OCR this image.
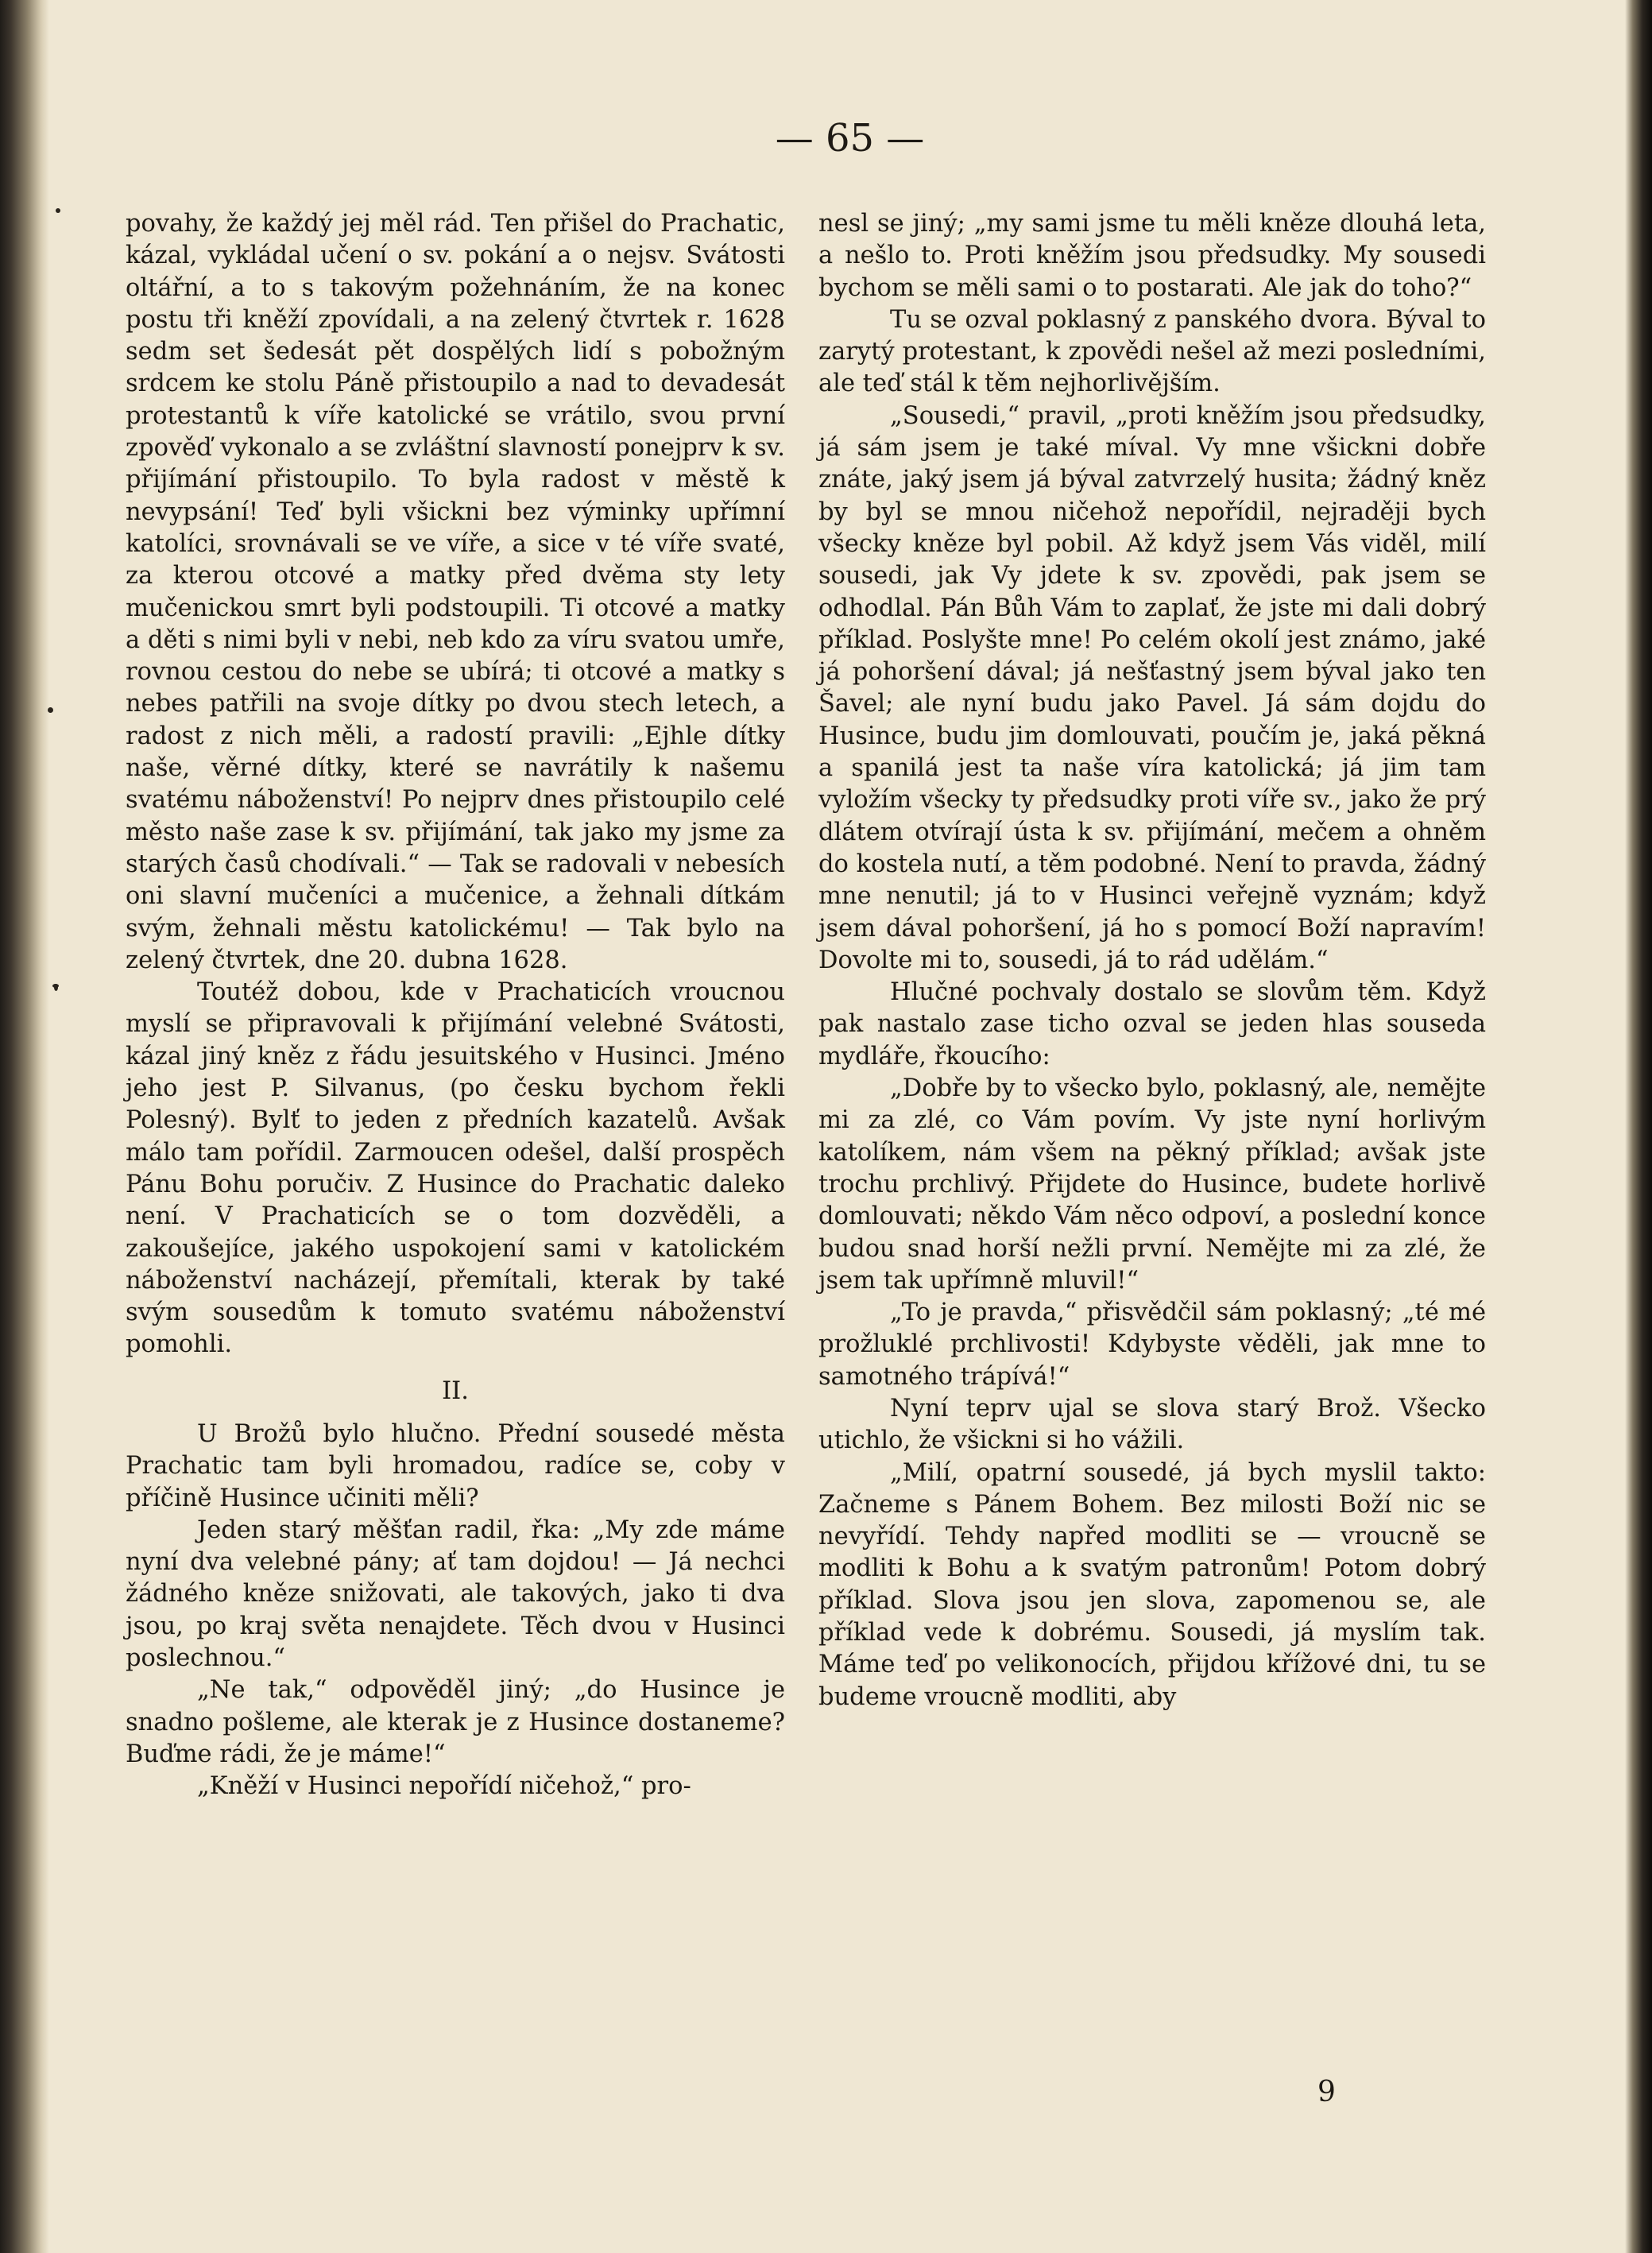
— 65 —

povahy, že každý jej měl rád. Ten přišel do Prachatic, kázal, vykládal učení o sv. pokání a o nejsv. Svátosti oltářní, a to s takovým požehnáním, že na konec postu tři kněží zpovídali, a na zelený čtvrtek r. 1628 sedm set šedesát pět dospělých lidí s pobožným srdcem ke stolu Páně přistoupilo a nad to devadesát protestantů k víře katolické se vrátilo, svou první zpověď vykonalo a se zvláštní slavností ponejprv k sv. přijímání přistoupilo. To byla radost v městě k nevypsání! Teď byli všickni bez výminky upřímní katolíci, srovnávali se ve víře, a sice v té víře svaté, za kterou otcové a matky před dvěma sty lety mučenickou smrt byli podstoupili. Ti otcové a matky a děti s nimi byli v nebi, neb kdo za víru svatou umře, rovnou cestou do nebe se ubírá; ti otcové a matky s nebes patřili na svoje dítky po dvou stech letech, a radost z nich měli, a radostí pravili: „Ejhle dítky naše, věrné dítky, které se navrátily k našemu svatému náboženství! Po nejprv dnes přistoupilo celé město naše zase k sv. přijímání, tak jako my jsme za starých časů chodívali.“ — Tak se radovali v nebesích oni slavní mučeníci a mučenice, a žehnali dítkám svým, žehnali městu katolickému! — Tak bylo na zelený čtvrtek, dne 20. dubna 1628.

Toutéž dobou, kde v Prachaticích vroucnou myslí se připravovali k přijímání velebné Svátosti, kázal jiný kněz z řádu jesuitského v Husinci. Jméno jeho jest P. Silvanus, (po česku bychom řekli Polesný). Bylť to jeden z předních kazatelů. Avšak málo tam pořídil. Zarmoucen odešel, další prospěch Pánu Bohu poručiv. Z Husince do Prachatic daleko není. V Prachaticích se o tom dozvěděli, a zakoušejíce, jakého uspokojení sami v katolickém náboženství nacházejí, přemítali, kterak by také svým sousedům k tomuto svatému náboženství pomohli.

II.

U Brožů bylo hlučno. Přední sousedé města Prachatic tam byli hromadou, radíce se, coby v příčině Husince učiniti měli?

Jeden starý měšťan radil, řka: „My zde máme nyní dva velebné pány; ať tam dojdou! — Já nechci žádného kněze snižovati, ale takových, jako ti dva jsou, po kraj světa nenajdete. Těch dvou v Husinci poslechnou.“

„Ne tak,“ odpověděl jiný; „do Husince je snadno pošleme, ale kterak je z Husince dostaneme? Buďme rádi, že je máme!“

„Kněží v Husinci nepořídí ničehož,“ pro-

nesl se jiný; „my sami jsme tu měli kněze dlouhá leta, a nešlo to. Proti kněžím jsou předsudky. My sousedi bychom se měli sami o to postarati. Ale jak do toho?“

Tu se ozval poklasný z panského dvora. Býval to zarytý protestant, k zpovědi nešel až mezi posledními, ale teď stál k těm nejhorlivějším.

„Sousedi,“ pravil, „proti kněžím jsou předsudky, já sám jsem je také míval. Vy mne všickni dobře znáte, jaký jsem já býval zatvrzelý husita; žádný kněz by byl se mnou ničehož nepořídil, nejraději bych všecky kněze byl pobil. Až když jsem Vás viděl, milí sousedi, jak Vy jdete k sv. zpovědi, pak jsem se odhodlal. Pán Bůh Vám to zaplať, že jste mi dali dobrý příklad. Poslyšte mne! Po celém okolí jest známo, jaké já pohoršení dával; já nešťastný jsem býval jako ten Šavel; ale nyní budu jako Pavel. Já sám dojdu do Husince, budu jim domlouvati, poučím je, jaká pěkná a spanilá jest ta naše víra katolická; já jim tam vyložím všecky ty předsudky proti víře sv., jako že prý dlátem otvírají ústa k sv. přijímání, mečem a ohněm do kostela nutí, a těm podobné. Není to pravda, žádný mne nenutil; já to v Husinci veřejně vyznám; když jsem dával pohoršení, já ho s pomocí Boží napravím! Dovolte mi to, sousedi, já to rád udělám.“

Hlučné pochvaly dostalo se slovům těm. Když pak nastalo zase ticho ozval se jeden hlas souseda mydláře, řkoucího:

„Dobře by to všecko bylo, poklasný, ale, nemějte mi za zlé, co Vám povím. Vy jste nyní horlivým katolíkem, nám všem na pěkný příklad; avšak jste trochu prchlivý. Přijdete do Husince, budete horlivě domlouvati; někdo Vám něco odpoví, a poslední konce budou snad horší nežli první. Nemějte mi za zlé, že jsem tak upřímně mluvil!“

„To je pravda,“ přisvědčil sám poklasný; „té mé prožluklé prchlivosti! Kdybyste věděli, jak mne to samotného trápívá!“

Nyní teprv ujal se slova starý Brož. Všecko utichlo, že všickni si ho vážili.

„Milí, opatrní sousedé, já bych myslil takto: Začneme s Pánem Bohem. Bez milosti Boží nic se nevyřídí. Tehdy napřed modliti se — vroucně se modliti k Bohu a k svatým patronům! Potom dobrý příklad. Slova jsou jen slova, zapomenou se, ale příklad vede k dobrému. Sousedi, já myslím tak. Máme teď po velikonocích, přijdou křížové dni, tu se budeme vroucně modliti, aby

9
